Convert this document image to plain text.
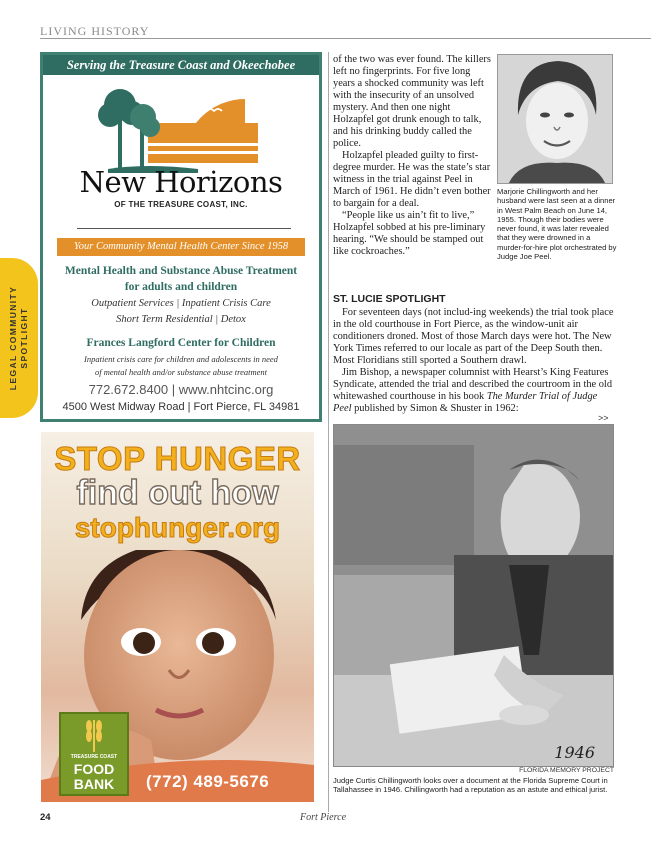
LIVING HISTORY
LEGAL COMMUNITY SPOTLIGHT
Serving the Treasure Coast and Okeechobee
New Horizons
OF THE TREASURE COAST, INC.
Your Community Mental Health Center Since 1958
Mental Health and Substance Abuse Treatment
for adults and children
Outpatient Services | Inpatient Crisis Care
Short Term Residential | Detox
Frances Langford Center for Children
Inpatient crisis care for children and adolescents in need
of mental health and/or substance abuse treatment
772.672.8400 | www.nhtcinc.org
4500 West Midway Road | Fort Pierce, FL 34981
STOP HUNGER
find out how
stophunger.org
TREASURE COAST
FOOD
BANK	(772) 489-5676

of the two was ever found. The killers left no fingerprints. For five long years a shocked community was left with the insecurity of an unsolved mystery. And then one night Holzapfel got drunk enough to talk, and his drinking buddy called the police.

Holzapfel pleaded guilty to first-degree murder. He was the state’s star witness in the trial against Peel in March of 1961. He didn’t even bother to bargain for a deal.

“People like us ain’t fit to live,” Holzapfel sobbed at his pre-liminary hearing. “We should be stamped out like cockroaches.”

Marjorie Chillingworth and her husband were last seen at a dinner in West Palm Beach on June 14, 1955. Though their bodies were never found, it was later revealed that they were drowned in a murder-for-hire plot orchestrated by Judge Joe Peel.
ST. LUCIE SPOTLIGHT

For seventeen days (not includ-ing weekends) the trial took place in the old courthouse in Fort Pierce, as the window-unit air conditioners droned. Most of those March days were hot. The New York Times referred to our locale as part of the Deep South then. Most Floridians still sported a Southern drawl.

Jim Bishop, a newspaper columnist with Hearst’s King Features Syndicate, attended the trial and described the courtroom in the old whitewashed courthouse in his book The Murder Trial of Judge Peel published by Simon & Shuster in 1962:

>>
1946
FLORIDA MEMORY PROJECT
Judge Curtis Chillingworth looks over a document at the Florida Supreme Court in Tallahassee in 1946. Chillingworth had a reputation as an astute and ethical jurist.
24	Fort Pierce
